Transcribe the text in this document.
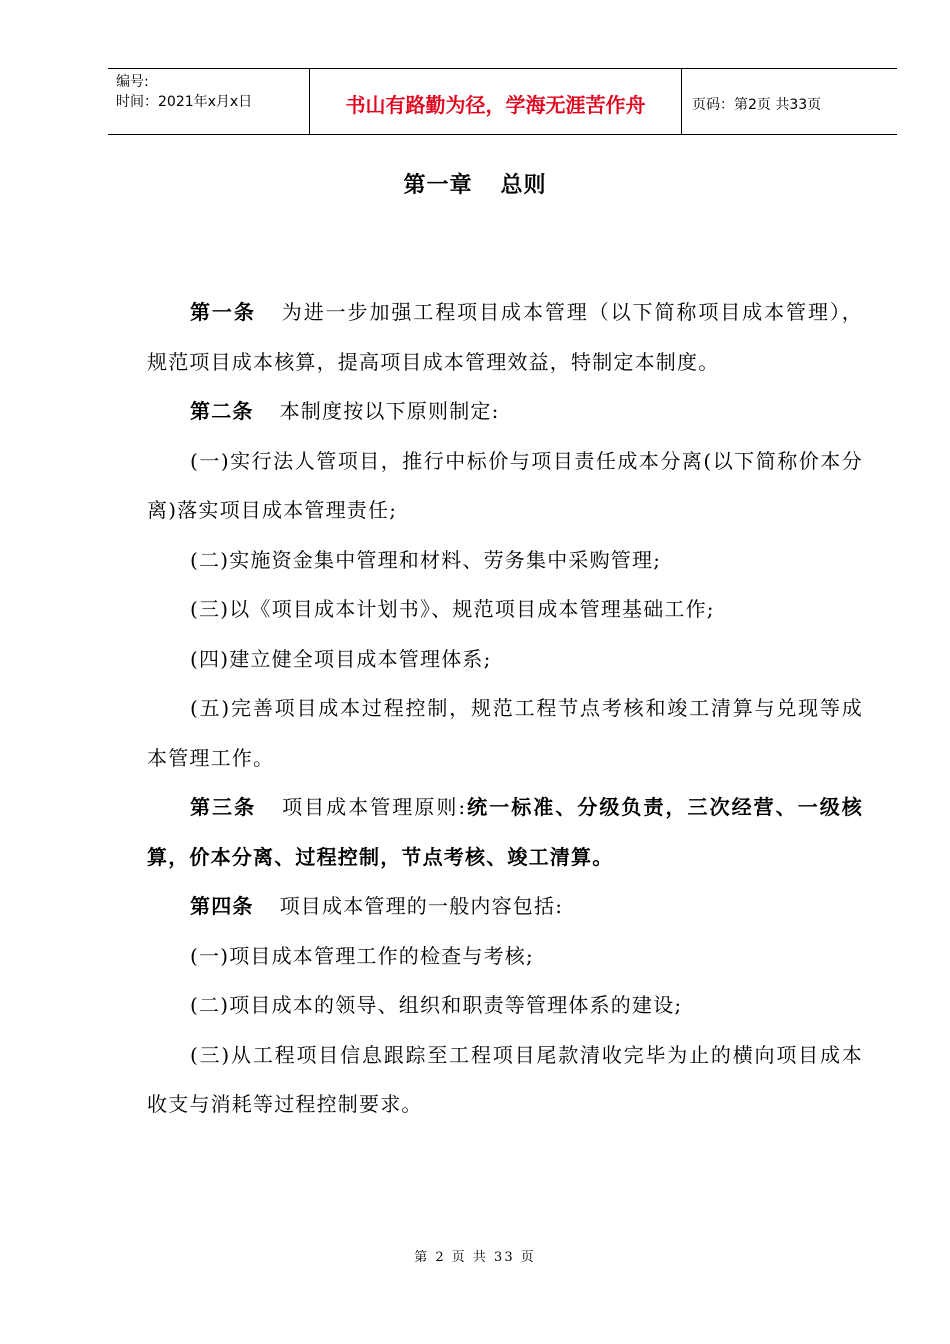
编号:
时间：2021年x月x日	书山有路勤为径，学海无涯苦作舟	页码：第2页 共33页
第一章 总则

第一条 为进一步加强工程项目成本管理（以下简称项目成本管理），规范项目成本核算，提高项目成本管理效益，特制定本制度。

第二条 本制度按以下原则制定:

(一)实行法人管项目，推行中标价与项目责任成本分离(以下简称价本分离)落实项目成本管理责任;

(二)实施资金集中管理和材料、劳务集中采购管理;

(三)以《项目成本计划书》、规范项目成本管理基础工作;

(四)建立健全项目成本管理体系;

(五)完善项目成本过程控制，规范工程节点考核和竣工清算与兑现等成本管理工作。

第三条 项目成本管理原则:统一标准、分级负责，三次经营、一级核算，价本分离、过程控制，节点考核、竣工清算。

第四条 项目成本管理的一般内容包括:

(一)项目成本管理工作的检查与考核;

(二)项目成本的领导、组织和职责等管理体系的建设;

(三)从工程项目信息跟踪至工程项目尾款清收完毕为止的横向项目成本收支与消耗等过程控制要求。

第 2 页 共 33 页
